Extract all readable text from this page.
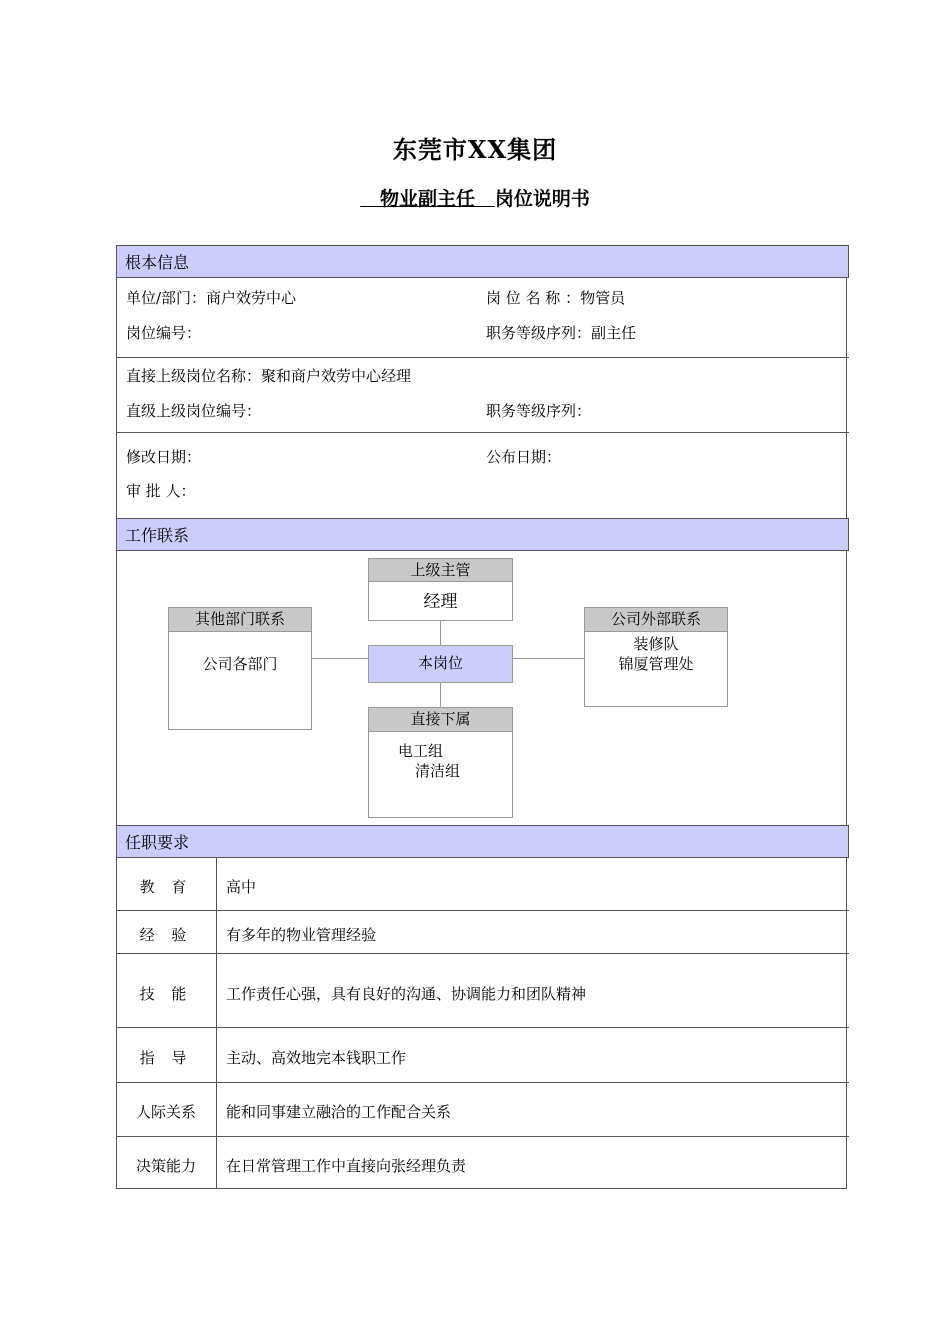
东莞市XX集团
物业副主任   岗位说明书
根本信息
单位/部门：商户效劳中心	岗 位 名 称 ：物管员
岗位编号：	职务等级序列：副主任
直接上级岗位名称：聚和商户效劳中心经理
直级上级岗位编号：	职务等级序列：
修改日期：	公布日期：
审 批 人：
工作联系
上级主管
经理
本岗位
其他部门联系
公司各部门
公司外部联系
装修队
锦厦管理处
直接下属
电工组
清洁组
任职要求
教 育	高中
经 验	有多年的物业管理经验
技 能	工作责任心强，具有良好的沟通、协调能力和团队精神
指 导	主动、高效地完本钱职工作
人际关系	能和同事建立融洽的工作配合关系
决策能力	在日常管理工作中直接向张经理负责
